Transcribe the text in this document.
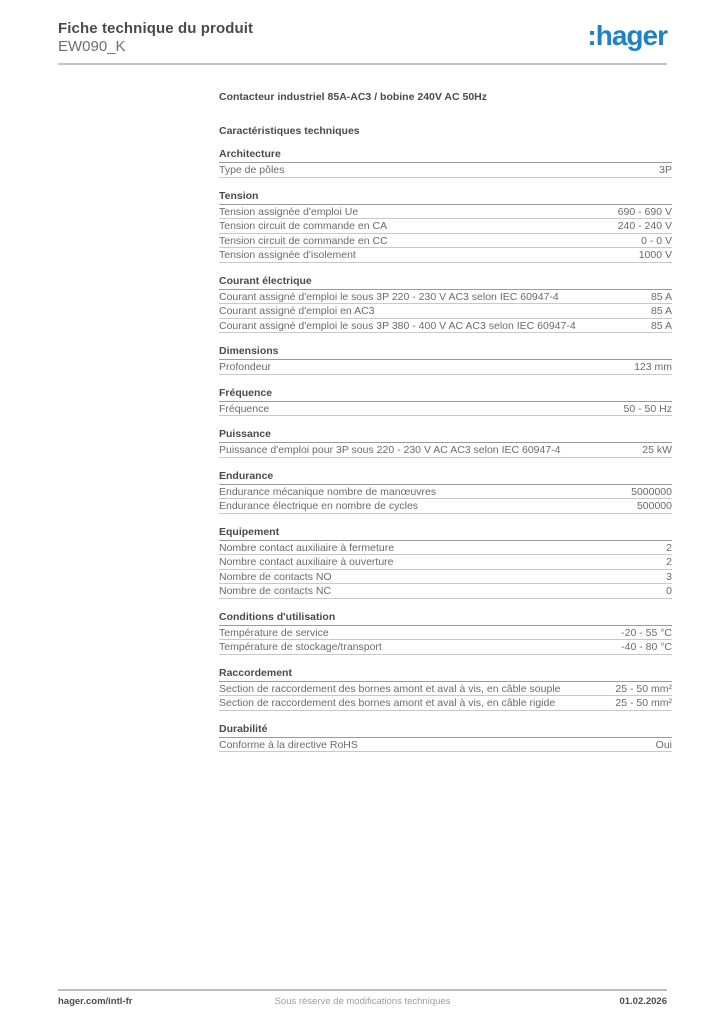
Fiche technique du produit
EW090_K	:hager
Contacteur industriel 85A-AC3 / bobine 240V AC 50Hz
Caractéristiques techniques
Architecture
Type de pôles	3P
Tension
Tension assignée d'emploi Ue	690 - 690 V
Tension circuit de commande en CA	240 - 240 V
Tension circuit de commande en CC	0 - 0 V
Tension assignée d'isolement	1000 V
Courant électrique
Courant assigné d'emploi le sous 3P 220 - 230 V AC3 selon IEC 60947-4	85 A
Courant assigné d'emploi en AC3	85 A
Courant assigné d'emploi le sous 3P 380 - 400 V AC AC3 selon IEC 60947-4	85 A
Dimensions
Profondeur	123 mm
Fréquence
Fréquence	50 - 50 Hz
Puissance
Puissance d'emploi pour 3P sous 220 - 230 V AC AC3 selon IEC 60947-4	25 kW
Endurance
Endurance mécanique nombre de manœuvres	5000000
Endurance électrique en nombre de cycles	500000
Equipement
Nombre contact auxiliaire à fermeture	2
Nombre contact auxiliaire à ouverture	2
Nombre de contacts NO	3
Nombre de contacts NC	0
Conditions d'utilisation
Température de service	-20 - 55 °C
Température de stockage/transport	-40 - 80 °C
Raccordement
Section de raccordement des bornes amont et aval à vis, en câble souple	25 - 50 mm²
Section de raccordement des bornes amont et aval à vis, en câble rigide	25 - 50 mm²
Durabilité
Conforme à la directive RoHS	Oui
hager.com/intl-fr	Sous réserve de modifications techniques	01.02.2026
